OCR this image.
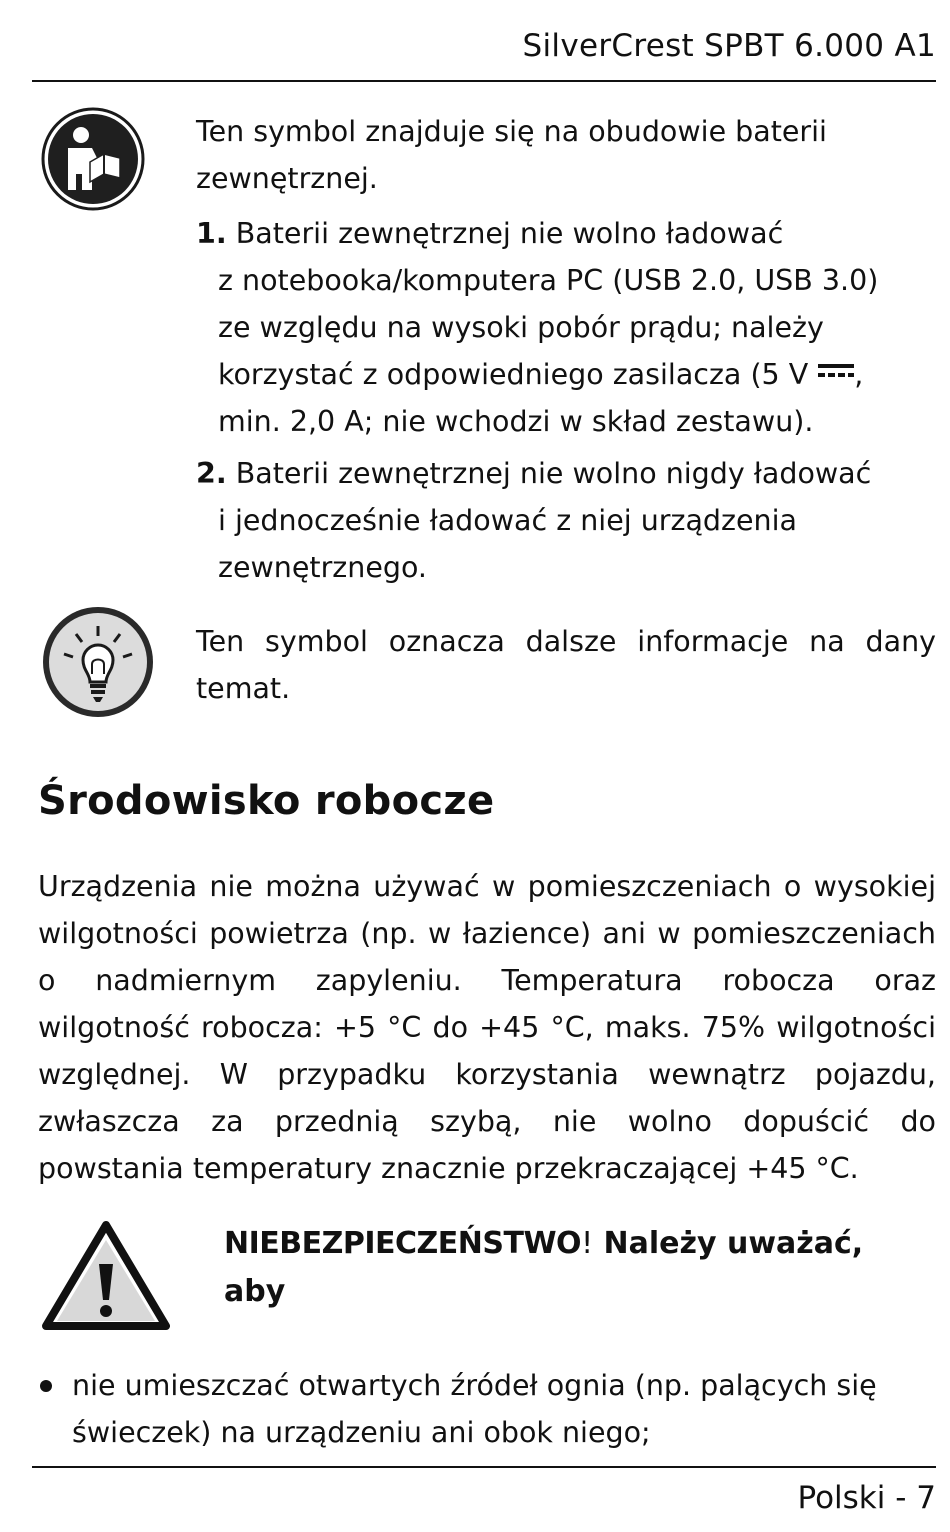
SilverCrest SPBT 6.000 A1
Ten symbol znajduje się na obudowie baterii
zewnętrznej.
1. Baterii zewnętrznej nie wolno ładować
z notebooka/komputera PC (USB 2.0, USB 3.0)
ze względu na wysoki pobór prądu; należy
korzystać z odpowiedniego zasilacza (5 V ,
min. 2,0 A; nie wchodzi w skład zestawu).
2. Baterii zewnętrznej nie wolno nigdy ładować
i jednocześnie ładować z niej urządzenia
zewnętrznego.
Ten symbol oznacza dalsze informacje na dany
temat.
Środowisko robocze
Urządzenia nie można używać w pomieszczeniach o wysokiej
wilgotności powietrza (np. w łazience) ani w pomieszczeniach
o nadmiernym zapyleniu. Temperatura robocza oraz
wilgotność robocza: +5 °C do +45 °C, maks. 75% wilgotności
względnej. W przypadku korzystania wewnątrz pojazdu,
zwłaszcza za przednią szybą, nie wolno dopuścić do
powstania temperatury znacznie przekraczającej +45 °C.
NIEBEZPIECZEŃSTWO! Należy uważać,
aby
nie umieszczać otwartych źródeł ognia (np. palących się
świeczek) na urządzeniu ani obok niego;
Polski - 7
